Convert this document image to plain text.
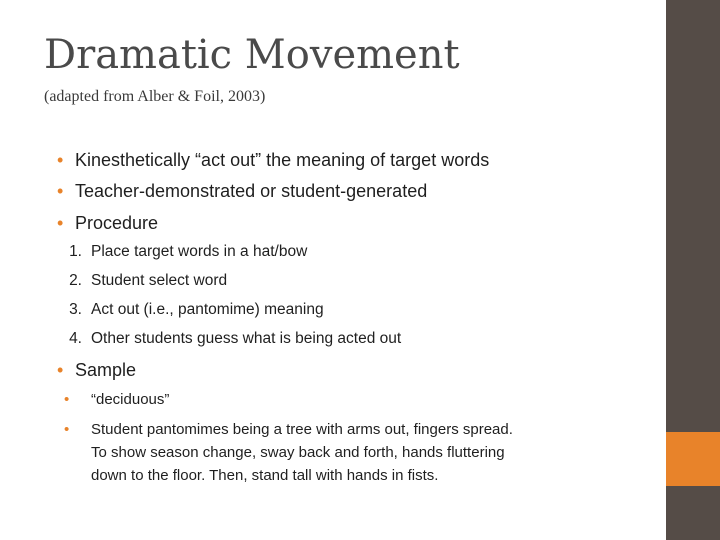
Dramatic Movement
(adapted from Alber & Foil, 2003)
• Kinesthetically “act out” the meaning of target words
• Teacher-demonstrated or student-generated
• Procedure
1. Place target words in a hat/bow
2. Student select word
3. Act out (i.e., pantomime) meaning
4. Other students guess what is being acted out
• Sample
• “deciduous”
• Student pantomimes being a tree with arms out, fingers spread.
To show season change, sway back and forth, hands fluttering
down to the floor. Then, stand tall with hands in fists.
